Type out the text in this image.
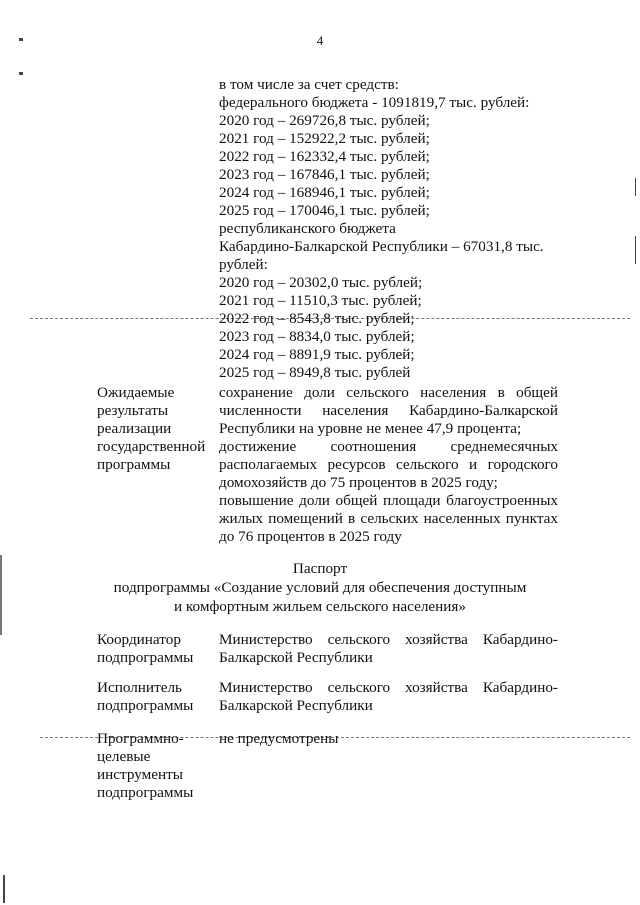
4
в том числе за счет средств:
федерального бюджета - 1091819,7 тыс. рублей:
2020 год – 269726,8 тыс. рублей;
2021 год – 152922,2 тыс. рублей;
2022 год – 162332,4 тыс. рублей;
2023 год – 167846,1 тыс. рублей;
2024 год – 168946,1 тыс. рублей;
2025 год – 170046,1 тыс. рублей;
республиканского бюджета
Кабардино-Балкарской Республики – 67031,8 тыс.
рублей:
2020 год – 20302,0 тыс. рублей;
2021 год – 11510,3 тыс. рублей;
2022 год – 8543,8 тыс. рублей;
2023 год – 8834,0 тыс. рублей;
2024 год – 8891,9 тыс. рублей;
2025 год – 8949,8 тыс. рублей
Ожидаемые
результаты
реализации
государственной
программы
сохранение доли сельского населения в общей
численности населения Кабардино-Балкарской
Республики на уровне не менее 47,9 процента;
достижение соотношения среднемесячных
располагаемых ресурсов сельского и городского
домохозяйств до 75 процентов в 2025 году;
повышение доли общей площади благоустроенных
жилых помещений в сельских населенных пунктах
до 76 процентов в 2025 году
Паспорт
подпрограммы «Создание условий для обеспечения доступным
и комфортным жильем сельского населения»
Координатор
подпрограммы
Министерство сельского хозяйства Кабардино-
Балкарской Республики
Исполнитель
подпрограммы
Министерство сельского хозяйства Кабардино-
Балкарской Республики
Программно-
целевые
инструменты
подпрограммы
не предусмотрены
